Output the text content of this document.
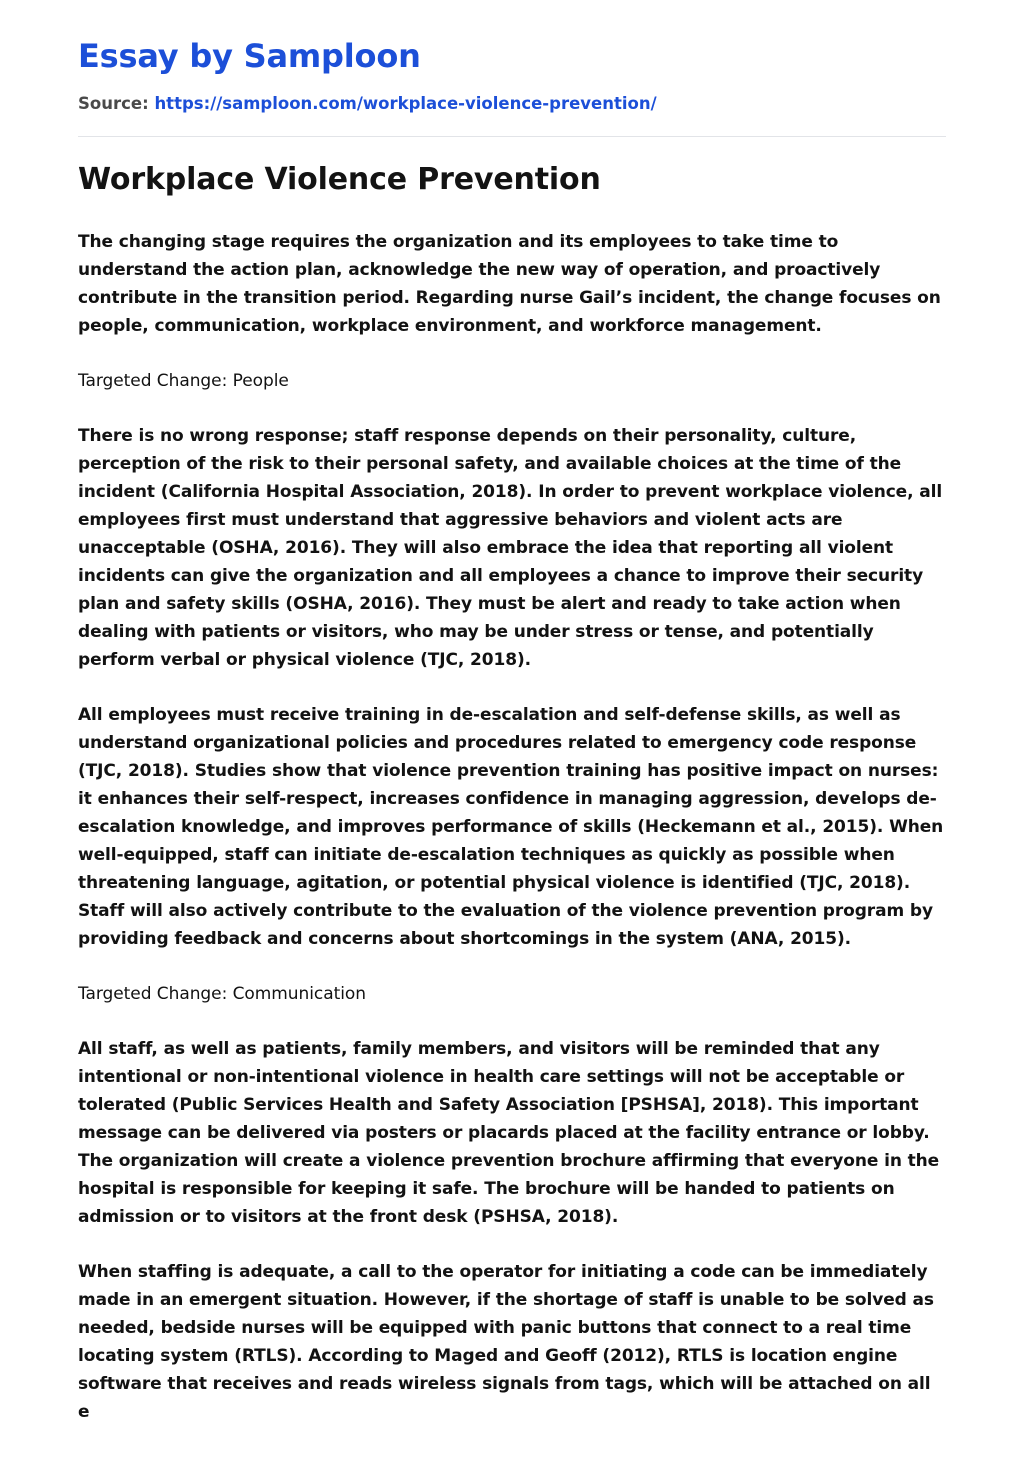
Essay by Samploon
Source: https://samploon.com/workplace-violence-prevention/
Workplace Violence Prevention

The changing stage requires the organization and its employees to take time to understand the action plan, acknowledge the new way of operation, and proactively contribute in the transition period. Regarding nurse Gail’s incident, the change focuses on people, communication, workplace environment, and workforce management.

Targeted Change: People

There is no wrong response; staff response depends on their personality, culture, perception of the risk to their personal safety, and available choices at the time of the incident (California Hospital Association, 2018). In order to prevent workplace violence, all employees first must understand that aggressive behaviors and violent acts are unacceptable (OSHA, 2016). They will also embrace the idea that reporting all violent incidents can give the organization and all employees a chance to improve their security plan and safety skills (OSHA, 2016). They must be alert and ready to take action when dealing with patients or visitors, who may be under stress or tense, and potentially perform verbal or physical violence (TJC, 2018).

All employees must receive training in de-escalation and self-defense skills, as well as understand organizational policies and procedures related to emergency code response (TJC, 2018). Studies show that violence prevention training has positive impact on nurses: it enhances their self-respect, increases confidence in managing aggression, develops de-escalation knowledge, and improves performance of skills (Heckemann et al., 2015). When well-equipped, staff can initiate de-escalation techniques as quickly as possible when threatening language, agitation, or potential physical violence is identified (TJC, 2018). Staff will also actively contribute to the evaluation of the violence prevention program by providing feedback and concerns about shortcomings in the system (ANA, 2015).

Targeted Change: Communication

All staff, as well as patients, family members, and visitors will be reminded that any intentional or non-intentional violence in health care settings will not be acceptable or tolerated (Public Services Health and Safety Association [PSHSA], 2018). This important message can be delivered via posters or placards placed at the facility entrance or lobby. The organization will create a violence prevention brochure affirming that everyone in the hospital is responsible for keeping it safe. The brochure will be handed to patients on admission or to visitors at the front desk (PSHSA, 2018).

When staffing is adequate, a call to the operator for initiating a code can be immediately made in an emergent situation. However, if the shortage of staff is unable to be solved as needed, bedside nurses will be equipped with panic buttons that connect to a real time locating system (RTLS). According to Maged and Geoff (2012), RTLS is location engine software that receives and reads wireless signals from tags, which will be attached on all e
